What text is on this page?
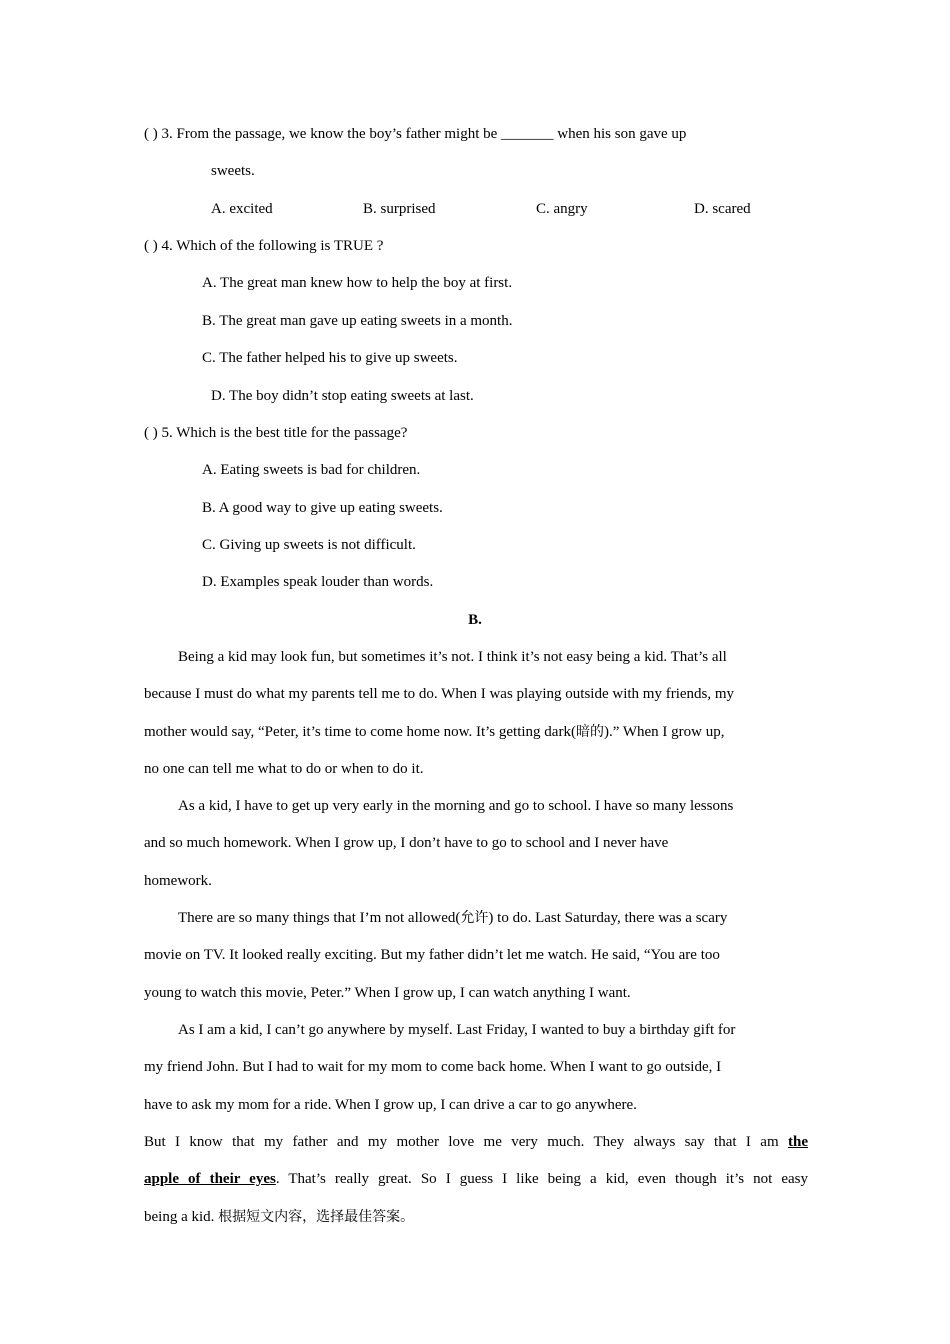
( ) 3. From the passage, we know the boy’s father might be _______ when his son gave up
sweets.
A. excited	B. surprised	C. angry	D. scared
( ) 4. Which of the following is TRUE ?
A. The great man knew how to help the boy at first.
B. The great man gave up eating sweets in a month.
C. The father helped his to give up sweets.
D. The boy didn’t stop eating sweets at last.
( ) 5. Which is the best title for the passage?
A. Eating sweets is bad for children.
B. A good way to give up eating sweets.
C. Giving up sweets is not difficult.
D. Examples speak louder than words.
B.
Being a kid may look fun, but sometimes it’s not. I think it’s not easy being a kid. That’s all
because I must do what my parents tell me to do. When I was playing outside with my friends, my
mother would say, “Peter, it’s time to come home now. It’s getting dark(暗的).” When I grow up,
no one can tell me what to do or when to do it.
As a kid, I have to get up very early in the morning and go to school. I have so many lessons
and so much homework. When I grow up, I don’t have to go to school and I never have
homework.
There are so many things that I’m not allowed(允许) to do. Last Saturday, there was a scary
movie on TV. It looked really exciting. But my father didn’t let me watch. He said, “You are too
young to watch this movie, Peter.” When I grow up, I can watch anything I want.
As I am a kid, I can’t go anywhere by myself. Last Friday, I wanted to buy a birthday gift for
my friend John. But I had to wait for my mom to come back home. When I want to go outside, I
have to ask my mom for a ride. When I grow up, I can drive a car to go anywhere.
But I know that my father and my mother love me very much. They always say that I am the
apple of their eyes. That’s really great. So I guess I like being a kid, even though it’s not easy
being a kid. 根据短文内容，选择最佳答案。
